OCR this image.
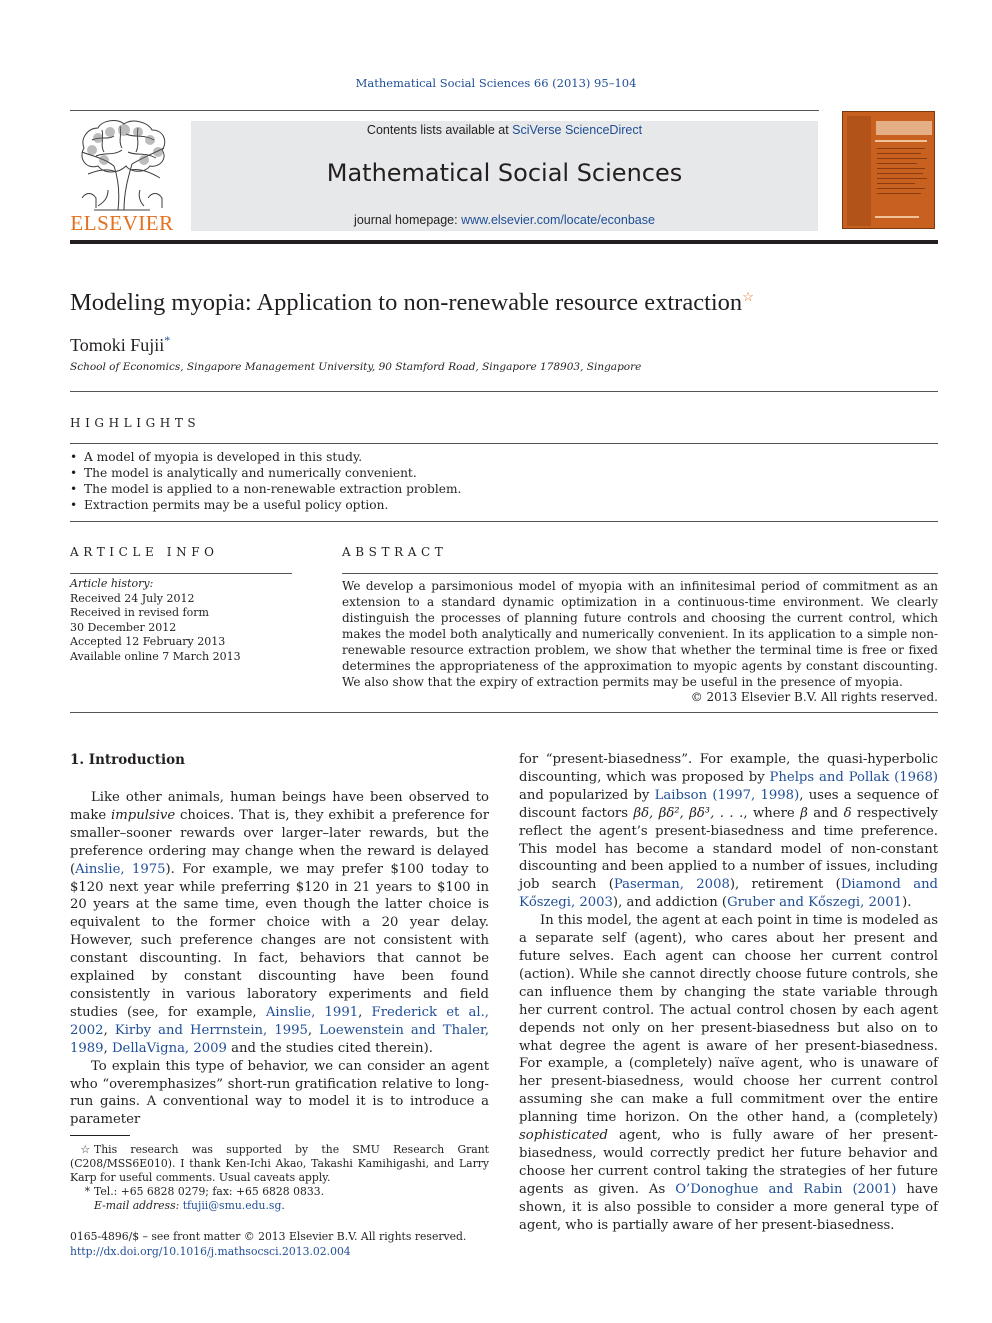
Mathematical Social Sciences 66 (2013) 95–104
ELSEVIER
Contents lists available at SciVerse ScienceDirect
Mathematical Social Sciences
journal homepage: www.elsevier.com/locate/econbase
Modeling myopia: Application to non-renewable resource extraction☆
Tomoki Fujii*
School of Economics, Singapore Management University, 90 Stamford Road, Singapore 178903, Singapore
HIGHLIGHTS
• A model of myopia is developed in this study.
• The model is analytically and numerically convenient.
• The model is applied to a non-renewable extraction problem.
• Extraction permits may be a useful policy option.
ARTICLE INFO
Article history:
Received 24 July 2012
Received in revised form
30 December 2012
Accepted 12 February 2013
Available online 7 March 2013
ABSTRACT

We develop a parsimonious model of myopia with an infinitesimal period of commitment as an extension to a standard dynamic optimization in a continuous-time environment. We clearly distinguish the processes of planning future controls and choosing the current control, which makes the model both analytically and numerically convenient. In its application to a simple non-renewable resource extraction problem, we show that whether the terminal time is free or fixed determines the appropriateness of the approximation to myopic agents by constant discounting. We also show that the expiry of extraction permits may be useful in the presence of myopia.

© 2013 Elsevier B.V. All rights reserved.
1. Introduction

Like other animals, human beings have been observed to make impulsive choices. That is, they exhibit a preference for smaller–sooner rewards over larger–later rewards, but the preference ordering may change when the reward is delayed (Ainslie, 1975). For example, we may prefer $100 today to $120 next year while preferring $120 in 21 years to $100 in 20 years at the same time, even though the latter choice is equivalent to the former choice with a 20 year delay. However, such preference changes are not consistent with constant discounting. In fact, behaviors that cannot be explained by constant discounting have been found consistently in various laboratory experiments and field studies (see, for example, Ainslie, 1991, Frederick et al., 2002, Kirby and Herrnstein, 1995, Loewenstein and Thaler, 1989, DellaVigna, 2009 and the studies cited therein).

To explain this type of behavior, we can consider an agent who “overemphasizes” short-run gratification relative to long-run gains. A conventional way to model it is to introduce a parameter

for “present-biasedness”. For example, the quasi-hyperbolic discounting, which was proposed by Phelps and Pollak (1968) and popularized by Laibson (1997, 1998), uses a sequence of discount factors βδ, βδ², βδ³, . . ., where β and δ respectively reflect the agent’s present-biasedness and time preference. This model has become a standard model of non-constant discounting and been applied to a number of issues, including job search (Paserman, 2008), retirement (Diamond and Kőszegi, 2003), and addiction (Gruber and Kőszegi, 2001).

In this model, the agent at each point in time is modeled as a separate self (agent), who cares about her present and future selves. Each agent can choose her current control (action). While she cannot directly choose future controls, she can influence them by changing the state variable through her current control. The actual control chosen by each agent depends not only on her present-biasedness but also on to what degree the agent is aware of her present-biasedness. For example, a (completely) naïve agent, who is unaware of her present-biasedness, would choose her current control assuming she can make a full commitment over the entire planning time horizon. On the other hand, a (completely) sophisticated agent, who is fully aware of her present-biasedness, would correctly predict her future behavior and choose her current control taking the strategies of her future agents as given. As O’Donoghue and Rabin (2001) have shown, it is also possible to consider a more general type of agent, who is partially aware of her present-biasedness.

☆ This research was supported by the SMU Research Grant (C208/MSS6E010). I thank Ken-Ichi Akao, Takashi Kamihigashi, and Larry Karp for useful comments. Usual caveats apply.

* Tel.: +65 6828 0279; fax: +65 6828 0833.

E-mail address: tfujii@smu.edu.sg.

0165-4896/$ – see front matter © 2013 Elsevier B.V. All rights reserved.
http://dx.doi.org/10.1016/j.mathsocsci.2013.02.004
